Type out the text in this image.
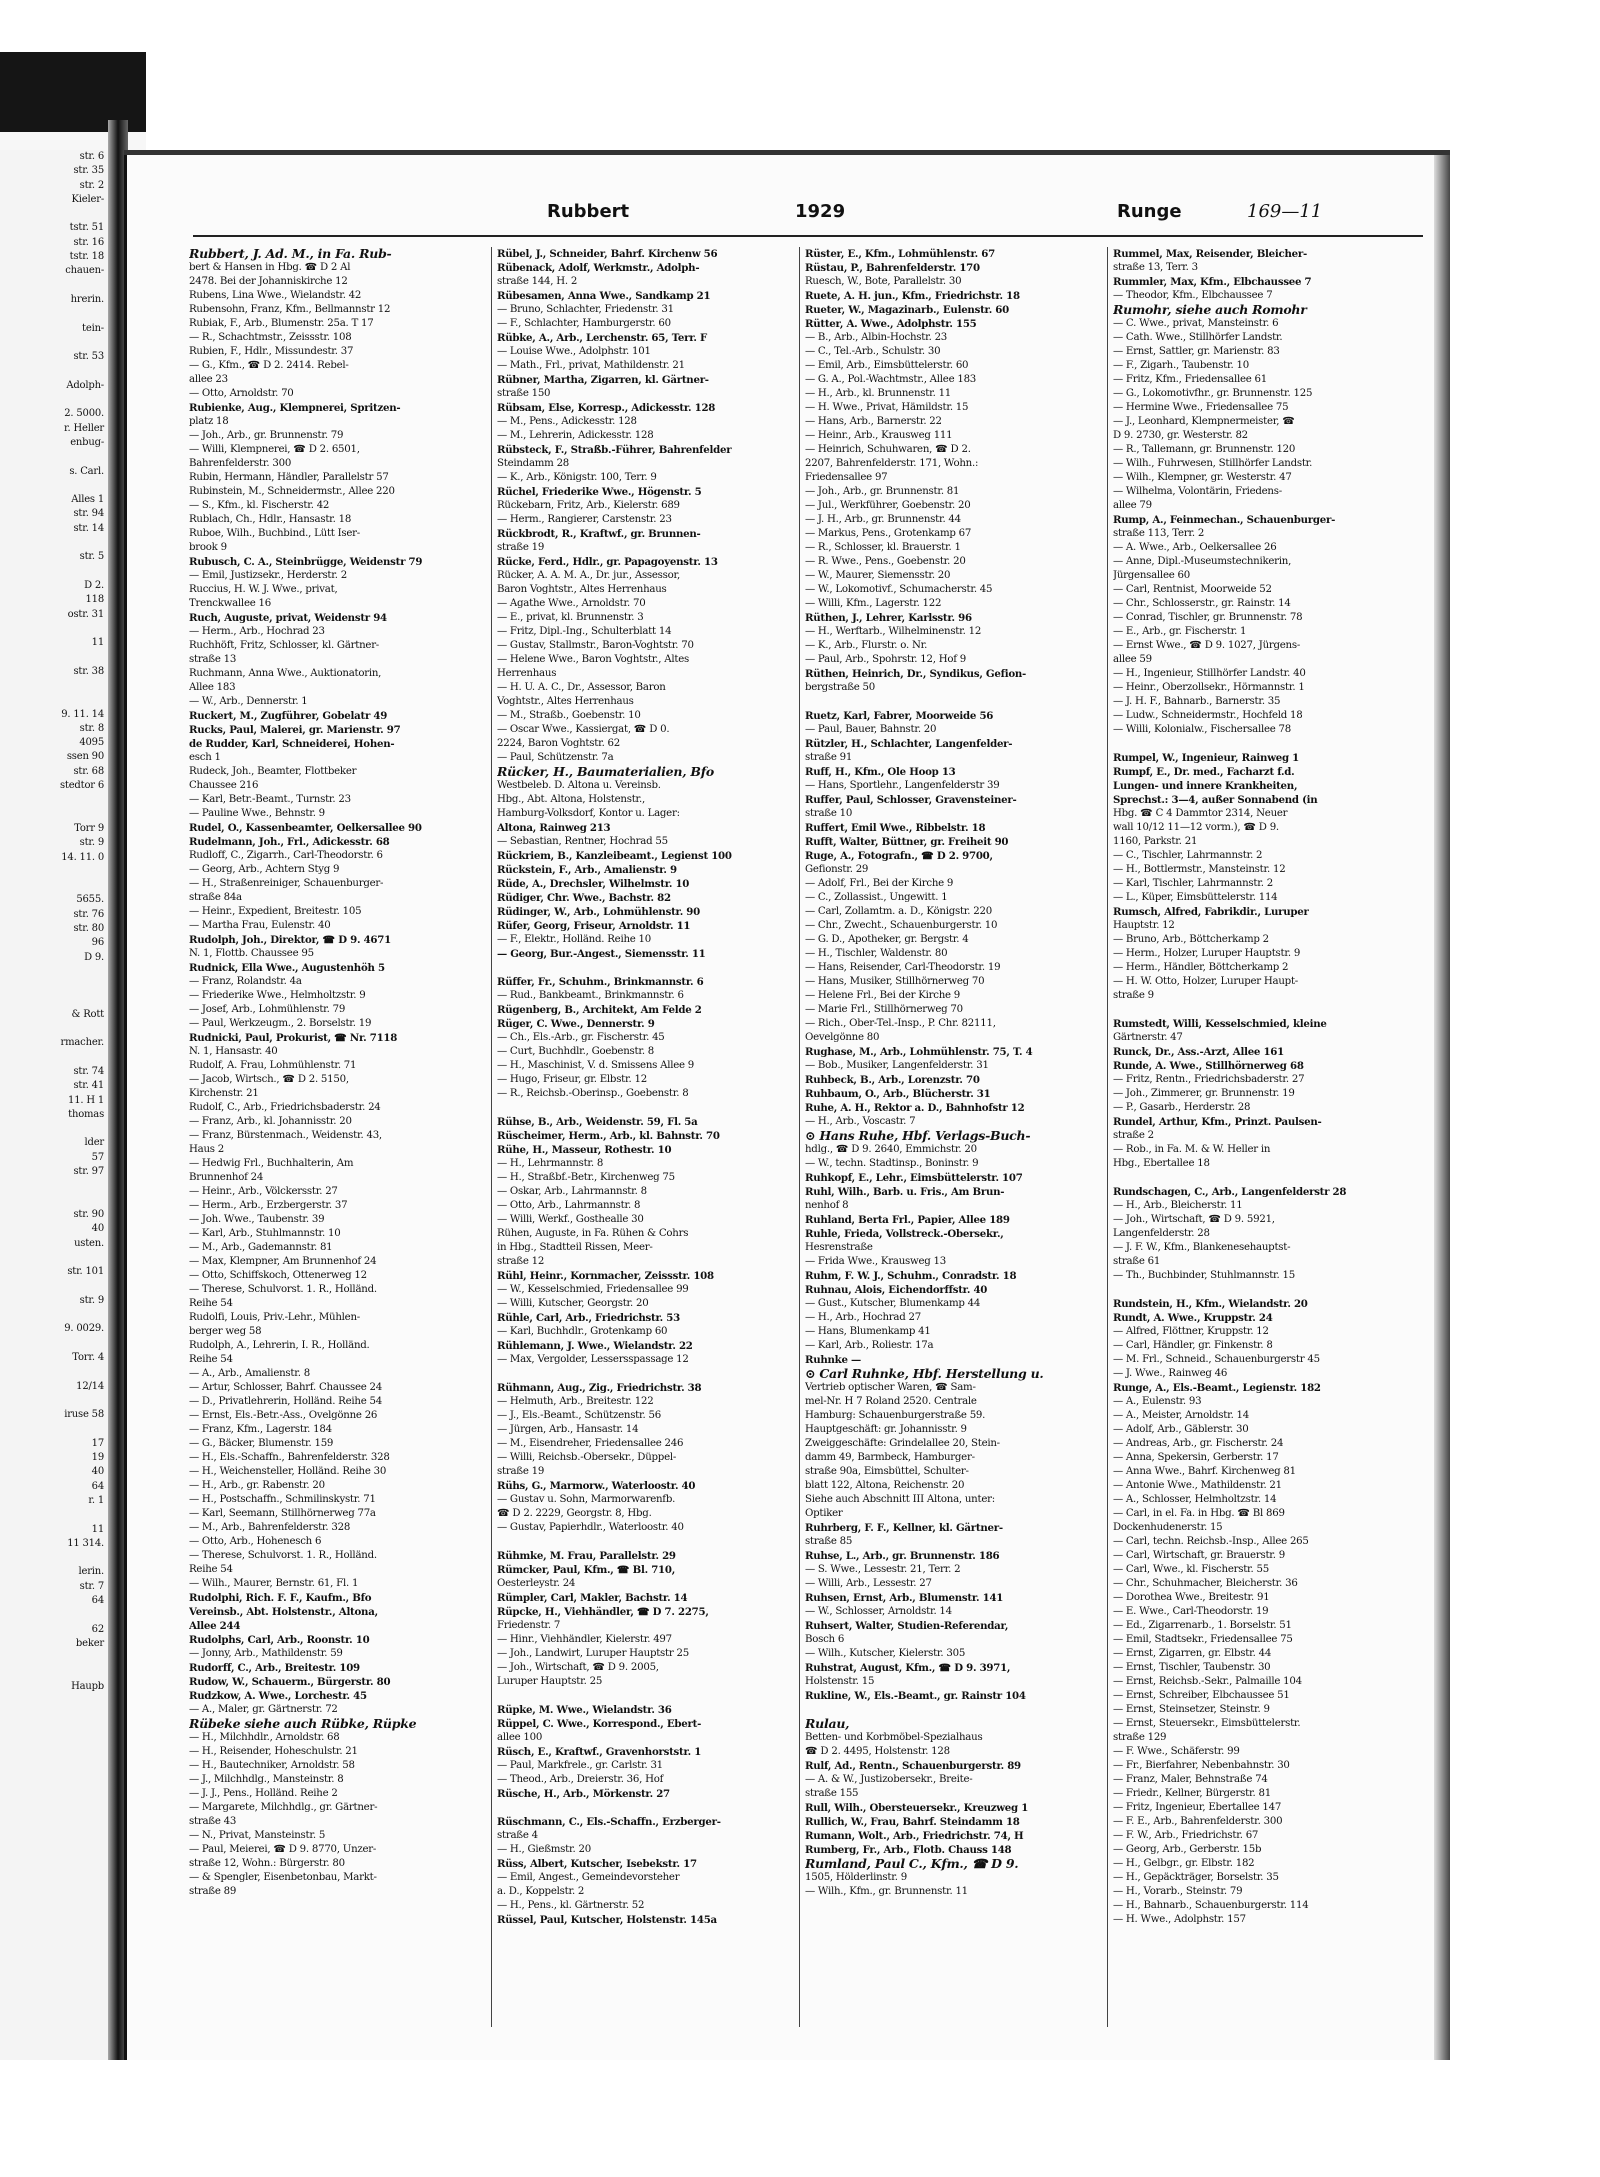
str. 6
str. 35
str. 2
Kieler-

tstr. 51
str. 16
tstr. 18
chauen-

hrerin.

tein-

str. 53

Adolph-

2. 5000.
r. Heller
enbug-

s. Carl.

Alles 1
str. 94
str. 14

str. 5

D 2.
118
ostr. 31

11

str. 38

9. 11. 14
str. 8
4095
ssen 90
str. 68
stedtor 6

Torr 9
str. 9
14. 11. 0

5655.
str. 76
str. 80
96
D 9.

& Rott

rmacher.

str. 74
str. 41
11. H 1
thomas

lder
57
str. 97

str. 90
40
usten.

str. 101

str. 9

9. 0029.

Torr. 4

12/14

iruse 58

17
19
40
64
r. 1

11
11 314.

lerin.
str. 7
64

62
beker

Haupb

Rubbert	1929	Runge	169—11
Rubbert, J. Ad. M., in Fa. Rub-
bert & Hansen in Hbg. ☎ D 2 Al
2478. Bei der Johanniskirche 12
Rubens, Lina Wwe., Wielandstr. 42
Rubensohn, Franz, Kfm., Bellmannstr 12
Rubiak, F., Arb., Blumenstr. 25a. T 17
— R., Schachtmstr., Zeissstr. 108
Rubien, F., Hdlr., Missundestr. 37
— G., Kfm., ☎ D 2. 2414. Rebel-
allee 23
— Otto, Arnoldstr. 70
Rubienke, Aug., Klempnerei, Spritzen-
platz 18
— Joh., Arb., gr. Brunnenstr. 79
— Willi, Klempnerei, ☎ D 2. 6501,
Bahrenfelderstr. 300
Rubin, Hermann, Händler, Parallelstr 57
Rubinstein, M., Schneidermstr., Allee 220
— S., Kfm., kl. Fischerstr. 42
Rublach, Ch., Hdlr., Hansastr. 18
Ruboe, Wilh., Buchbind., Lütt Iser-
brook 9
Rubusch, C. A., Steinbrügge, Weidenstr 79
— Emil, Justizsekr., Herderstr. 2
Ruccius, H. W. J. Wwe., privat,
Trenckwallee 16
Ruch, Auguste, privat, Weidenstr 94
— Herm., Arb., Hochrad 23
Ruchhöft, Fritz, Schlosser, kl. Gärtner-
straße 13
Ruchmann, Anna Wwe., Auktionatorin,
Allee 183
— W., Arb., Dennerstr. 1
Ruckert, M., Zugführer, Gobelatr 49
Rucks, Paul, Malerei, gr. Marienstr. 97
de Rudder, Karl, Schneiderei, Hohen-
esch 1
Rudeck, Joh., Beamter, Flottbeker
Chaussee 216
— Karl, Betr.-Beamt., Turnstr. 23
— Pauline Wwe., Behnstr. 9
Rudel, O., Kassenbeamter, Oelkersallee 90
Rudelmann, Joh., Frl., Adickesstr. 68
Rudloff, C., Zigarrh., Carl-Theodorstr. 6
— Georg, Arb., Achtern Styg 9
— H., Straßenreiniger, Schauenburger-
straße 84a
— Heinr., Expedient, Breitestr. 105
— Martha Frau, Eulenstr. 40
Rudolph, Joh., Direktor, ☎ D 9. 4671
N. 1, Flottb. Chaussee 95
Rudnick, Ella Wwe., Augustenhöh 5
— Franz, Rolandstr. 4a
— Friederike Wwe., Helmholtzstr. 9
— Josef, Arb., Lohmühlenstr. 79
— Paul, Werkzeugm., 2. Borselstr. 19
Rudnicki, Paul, Prokurist, ☎ Nr. 7118
N. 1, Hansastr. 40
Rudolf, A. Frau, Lohmühlenstr. 71
— Jacob, Wirtsch., ☎ D 2. 5150,
Kirchenstr. 21
Rudolf, C., Arb., Friedrichsbaderstr. 24
— Franz, Arb., kl. Johannisstr. 20
— Franz, Bürstenmach., Weidenstr. 43,
Haus 2
— Hedwig Frl., Buchhalterin, Am
Brunnenhof 24
— Heinr., Arb., Völckersstr. 27
— Herm., Arb., Erzbergerstr. 37
— Joh. Wwe., Taubenstr. 39
— Karl, Arb., Stuhlmannstr. 10
— M., Arb., Gademannstr. 81
— Max, Klempner, Am Brunnenhof 24
— Otto, Schiffskoch, Ottenerweg 12
— Therese, Schulvorst. 1. R., Holländ.
Reihe 54
Rudolfi, Louis, Priv.-Lehr., Mühlen-
berger weg 58
Rudolph, A., Lehrerin, I. R., Holländ.
Reihe 54
— A., Arb., Amalienstr. 8
— Artur, Schlosser, Bahrf. Chaussee 24
— D., Privatlehrerin, Holländ. Reihe 54
— Ernst, Els.-Betr.-Ass., Ovelgönne 26
— Franz, Kfm., Lagerstr. 184
— G., Bäcker, Blumenstr. 159
— H., Els.-Schaffn., Bahrenfelderstr. 328
— H., Weichensteller, Holländ. Reihe 30
— H., Arb., gr. Rabenstr. 20
— H., Postschaffn., Schmilinskystr. 71
— Karl, Seemann, Stillhörnerweg 77a
— M., Arb., Bahrenfelderstr. 328
— Otto, Arb., Hohenesch 6
— Therese, Schulvorst. 1. R., Holländ.
Reihe 54
— Wilh., Maurer, Bernstr. 61, Fl. 1
Rudolphi, Rich. F. F., Kaufm., Bfo
Vereinsb., Abt. Holstenstr., Altona,
Allee 244
Rudolphs, Carl, Arb., Roonstr. 10
— Jonny, Arb., Mathildenstr. 59
Rudorff, C., Arb., Breitestr. 109
Rudow, W., Schauerm., Bürgerstr. 80
Rudzkow, A. Wwe., Lorchestr. 45
— A., Maler, gr. Gärtnerstr. 72
Rübeke siehe auch Rübke, Rüpke
— H., Milchhdlr., Arnoldstr. 68
— H., Reisender, Hoheschulstr. 21
— H., Bautechniker, Arnoldstr. 58
— J., Milchhdlg., Mansteinstr. 8
— J. J., Pens., Holländ. Reihe 2
— Margarete, Milchhdlg., gr. Gärtner-
straße 43
— N., Privat, Mansteinstr. 5
— Paul, Meierei, ☎ D 9. 8770, Unzer-
straße 12, Wohn.: Bürgerstr. 80
— & Spengler, Eisenbetonbau, Markt-
straße 89
Rübel, J., Schneider, Bahrf. Kirchenw 56
Rübenack, Adolf, Werkmstr., Adolph-
straße 144, H. 2
Rübesamen, Anna Wwe., Sandkamp 21
— Bruno, Schlachter, Friedenstr. 31
— F., Schlachter, Hamburgerstr. 60
Rübke, A., Arb., Lerchenstr. 65, Terr. F
— Louise Wwe., Adolphstr. 101
— Math., Frl., privat, Mathildenstr. 21
Rübner, Martha, Zigarren, kl. Gärtner-
straße 150
Rübsam, Else, Korresp., Adickesstr. 128
— M., Pens., Adickesstr. 128
— M., Lehrerin, Adickesstr. 128
Rübsteck, F., Straßb.-Führer, Bahrenfelder
Steindamm 28
— K., Arb., Königstr. 100, Terr. 9
Rüchel, Friederike Wwe., Högenstr. 5
Rückebarn, Fritz, Arb., Kielerstr. 689
— Herm., Rangierer, Carstenstr. 23
Rückbrodt, R., Kraftwf., gr. Brunnen-
straße 19
Rücke, Ferd., Hdlr., gr. Papagoyenstr. 13
Rücker, A. A. M. A., Dr. jur., Assessor,
Baron Voghtstr., Altes Herrenhaus
— Agathe Wwe., Arnoldstr. 70
— E., privat, kl. Brunnenstr. 3
— Fritz, Dipl.-Ing., Schulterblatt 14
— Gustav, Stallmstr., Baron-Voghtstr. 70
— Helene Wwe., Baron Voghtstr., Altes
Herrenhaus
— H. U. A. C., Dr., Assessor, Baron
Voghtstr., Altes Herrenhaus
— M., Straßb., Goebenstr. 10
— Oscar Wwe., Kassiergat, ☎ D 0.
2224, Baron Voghtstr. 62
— Paul, Schützenstr. 7a
Rücker, H., Baumaterialien, Bfo
Westbeleb. D. Altona u. Vereinsb.
Hbg., Abt. Altona, Holstenstr.,
Hamburg-Volksdorf, Kontor u. Lager:
Altona, Rainweg 213
— Sebastian, Rentner, Hochrad 55
Rückriem, B., Kanzleibeamt., Legienst 100
Rückstein, F., Arb., Amalienstr. 9
Rüde, A., Drechsler, Wilhelmstr. 10
Rüdiger, Chr. Wwe., Bachstr. 82
Rüdinger, W., Arb., Lohmühlenstr. 90
Rüfer, Georg, Friseur, Arnoldstr. 11
— F., Elektr., Holländ. Reihe 10
— Georg, Bur.-Angest., Siemensstr. 11

Rüffer, Fr., Schuhm., Brinkmannstr. 6
— Rud., Bankbeamt., Brinkmannstr. 6
Rügenberg, B., Architekt, Am Felde 2
Rüger, C. Wwe., Dennerstr. 9
— Ch., Els.-Arb., gr. Fischerstr. 45
— Curt, Buchhdlr., Goebenstr. 8
— H., Maschinist, V. d. Smissens Allee 9
— Hugo, Friseur, gr. Elbstr. 12
— R., Reichsb.-Oberinsp., Goebenstr. 8

Rühse, B., Arb., Weidenstr. 59, Fl. 5a
Rüscheimer, Herm., Arb., kl. Bahnstr. 70
Rühe, H., Masseur, Rothestr. 10
— H., Lehrmannstr. 8
— H., Straßbf.-Betr., Kirchenweg 75
— Oskar, Arb., Lahrmannstr. 8
— Otto, Arb., Lahrmannstr. 8
— Willi, Werkf., Gosthealle 30
Rühen, Auguste, in Fa. Rühen & Cohrs
in Hbg., Stadtteil Rissen, Meer-
straße 12
Rühl, Heinr., Kornmacher, Zeissstr. 108
— W., Kesselschmied, Friedensallee 99
— Willi, Kutscher, Georgstr. 20
Rühle, Carl, Arb., Friedrichstr. 53
— Karl, Buchhdlr., Grotenkamp 60
Rühlemann, J. Wwe., Wielandstr. 22
— Max, Vergolder, Lessersspassage 12

Rühmann, Aug., Zig., Friedrichstr. 38
— Helmuth, Arb., Breitestr. 122
— J., Els.-Beamt., Schützenstr. 56
— Jürgen, Arb., Hansastr. 14
— M., Eisendreher, Friedensallee 246
— Willi, Reichsb.-Obersekr., Düppel-
straße 19
Rühs, G., Marmorw., Waterloostr. 40
— Gustav u. Sohn, Marmorwarenfb.
☎ D 2. 2229, Georgstr. 8, Hbg.
— Gustav, Papierhdlr., Waterloostr. 40

Rühmke, M. Frau, Parallelstr. 29
Rümcker, Paul, Kfm., ☎ Bl. 710,
Oesterleystr. 24
Rümpler, Carl, Makler, Bachstr. 14
Rüpcke, H., Viehhändler, ☎ D 7. 2275,
Friedenstr. 7
— Hinr., Viehhändler, Kielerstr. 497
— Joh., Landwirt, Luruper Hauptstr 25
— Joh., Wirtschaft, ☎ D 9. 2005,
Luruper Hauptstr. 25

Rüpke, M. Wwe., Wielandstr. 36
Rüppel, C. Wwe., Korrespond., Ebert-
allee 100
Rüsch, E., Kraftwf., Gravenhorststr. 1
— Paul, Markfrele., gr. Carlstr. 31
— Theod., Arb., Dreierstr. 36, Hof
Rüsche, H., Arb., Mörkenstr. 27

Rüschmann, C., Els.-Schaffn., Erzberger-
straße 4
— H., Gießmstr. 20
Rüss, Albert, Kutscher, Isebekstr. 17
— Emil, Angest., Gemeindevorsteher
a. D., Koppelstr. 2
— H., Pens., kl. Gärtnerstr. 52
Rüssel, Paul, Kutscher, Holstenstr. 145a
Rüster, E., Kfm., Lohmühlenstr. 67
Rüstau, P., Bahrenfelderstr. 170
Ruesch, W., Bote, Parallelstr. 30
Ruete, A. H. jun., Kfm., Friedrichstr. 18
Rueter, W., Magazinarb., Eulenstr. 60
Rütter, A. Wwe., Adolphstr. 155
— B., Arb., Albin-Hochstr. 23
— C., Tel.-Arb., Schulstr. 30
— Emil, Arb., Eimsbüttelerstr. 60
— G. A., Pol.-Wachtmstr., Allee 183
— H., Arb., kl. Brunnenstr. 11
— H. Wwe., Privat, Hämildstr. 15
— Hans, Arb., Barnerstr. 22
— Heinr., Arb., Krausweg 111
— Heinrich, Schuhwaren, ☎ D 2.
2207, Bahrenfelderstr. 171, Wohn.:
Friedensallee 97
— Joh., Arb., gr. Brunnenstr. 81
— Jul., Werkführer, Goebenstr. 20
— J. H., Arb., gr. Brunnenstr. 44
— Markus, Pens., Grotenkamp 67
— R., Schlosser, kl. Brauerstr. 1
— R. Wwe., Pens., Goebenstr. 20
— W., Maurer, Siemensstr. 20
— W., Lokomotivf., Schumacherstr. 45
— Willi, Kfm., Lagerstr. 122
Rüthen, J., Lehrer, Karlsstr. 96
— H., Werftarb., Wilhelminenstr. 12
— K., Arb., Flurstr. o. Nr.
— Paul, Arb., Spohrstr. 12, Hof 9
Rüthen, Heinrich, Dr., Syndikus, Gefion-
bergstraße 50

Ruetz, Karl, Fabrer, Moorweide 56
— Paul, Bauer, Bahnstr. 20
Rützler, H., Schlachter, Langenfelder-
straße 91
Ruff, H., Kfm., Ole Hoop 13
— Hans, Sportlehr., Langenfelderstr 39
Ruffer, Paul, Schlosser, Gravensteiner-
straße 10
Ruffert, Emil Wwe., Ribbelstr. 18
Rufft, Walter, Büttner, gr. Freiheit 90
Ruge, A., Fotografn., ☎ D 2. 9700,
Gefionstr. 29
— Adolf, Frl., Bei der Kirche 9
— C., Zollassist., Ungewitt. 1
— Carl, Zollamtm. a. D., Königstr. 220
— Chr., Zwecht., Schauenburgerstr. 10
— G. D., Apotheker, gr. Bergstr. 4
— H., Tischler, Waldenstr. 80
— Hans, Reisender, Carl-Theodorstr. 19
— Hans, Musiker, Stillhörnerweg 70
— Helene Frl., Bei der Kirche 9
— Marie Frl., Stillhörnerweg 70
— Rich., Ober-Tel.-Insp., P. Chr. 82111,
Oevelgönne 80
Rughase, M., Arb., Lohmühlenstr. 75, T. 4
— Bob., Musiker, Langenfelderstr. 31
Ruhbeck, B., Arb., Lorenzstr. 70
Ruhbaum, O., Arb., Blücherstr. 31
Ruhe, A. H., Rektor a. D., Bahnhofstr 12
— H., Arb., Voscastr. 7
⊙ Hans Ruhe, Hbf. Verlags-Buch-
hdlg., ☎ D 9. 2640, Emmichstr. 20
— W., techn. Stadtinsp., Boninstr. 9
Ruhkopf, E., Lehr., Eimsbüttelerstr. 107
Ruhl, Wilh., Barb. u. Fris., Am Brun-
nenhof 8
Ruhland, Berta Frl., Papier, Allee 189
Ruhle, Frieda, Vollstreck.-Obersekr.,
Hesrenstraße
— Frida Wwe., Krausweg 13
Ruhm, F. W. J., Schuhm., Conradstr. 18
Ruhnau, Alois, Eichendorffstr. 40
— Gust., Kutscher, Blumenkamp 44
— H., Arb., Hochrad 27
— Hans, Blumenkamp 41
— Karl, Arb., Roliestr. 17a
Ruhnke —
⊙ Carl Ruhnke, Hbf. Herstellung u.
Vertrieb optischer Waren, ☎ Sam-
mel-Nr. H 7 Roland 2520. Centrale
Hamburg: Schauenburgerstraße 59.
Hauptgeschäft: gr. Johannisstr. 9
Zweiggeschäfte: Grindelallee 20, Stein-
damm 49, Barmbeck, Hamburger-
straße 90a, Eimsbüttel, Schulter-
blatt 122, Altona, Reichenstr. 20
Siehe auch Abschnitt III Altona, unter:
Optiker
Ruhrberg, F. F., Kellner, kl. Gärtner-
straße 85
Ruhse, L., Arb., gr. Brunnenstr. 186
— S. Wwe., Lessestr. 21, Terr. 2
— Willi, Arb., Lessestr. 27
Ruhsen, Ernst, Arb., Blumenstr. 141
— W., Schlosser, Arnoldstr. 14
Ruhsert, Walter, Studien-Referendar,
Bosch 6
— Wilh., Kutscher, Kielerstr. 305
Ruhstrat, August, Kfm., ☎ D 9. 3971,
Holstenstr. 15
Rukline, W., Els.-Beamt., gr. Rainstr 104

Rulau,
Betten- und Korbmöbel-Spezialhaus
☎ D 2. 4495, Holstenstr. 128
Rulf, Ad., Rentn., Schauenburgerstr. 89
— A. & W., Justizobersekr., Breite-
straße 155
Rull, Wilh., Obersteuersekr., Kreuzweg 1
Rullich, W., Frau, Bahrf. Steindamm 18
Rumann, Wolt., Arb., Friedrichstr. 74, H
Rumberg, Fr., Arb., Flotb. Chauss 148
Rumland, Paul C., Kfm., ☎ D 9.
1505, Hölderlinstr. 9
— Wilh., Kfm., gr. Brunnenstr. 11
Rummel, Max, Reisender, Bleicher-
straße 13, Terr. 3
Rummler, Max, Kfm., Elbchaussee 7
— Theodor, Kfm., Elbchaussee 7
Rumohr, siehe auch Romohr
— C. Wwe., privat, Mansteinstr. 6
— Cath. Wwe., Stillhörfer Landstr.
— Ernst, Sattler, gr. Marienstr. 83
— F., Zigarh., Taubenstr. 10
— Fritz, Kfm., Friedensallee 61
— G., Lokomotivfhr., gr. Brunnenstr. 125
— Hermine Wwe., Friedensallee 75
— J., Leonhard, Klempnermeister, ☎
D 9. 2730, gr. Westerstr. 82
— R., Tallemann, gr. Brunnenstr. 120
— Wilh., Fuhrwesen, Stillhörfer Landstr.
— Wilh., Klempner, gr. Westerstr. 47
— Wilhelma, Volontärin, Friedens-
allee 79
Rump, A., Feinmechan., Schauenburger-
straße 113, Terr. 2
— A. Wwe., Arb., Oelkersallee 26
— Anne, Dipl.-Museumstechnikerin,
Jürgensallee 60
— Carl, Rentnist, Moorweide 52
— Chr., Schlosserstr., gr. Rainstr. 14
— Conrad, Tischler, gr. Brunnenstr. 78
— E., Arb., gr. Fischerstr. 1
— Ernst Wwe., ☎ D 9. 1027, Jürgens-
allee 59
— H., Ingenieur, Stillhörfer Landstr. 40
— Heinr., Oberzollsekr., Hörmannstr. 1
— J. H. F., Bahnarb., Barnerstr. 35
— Ludw., Schneidermstr., Hochfeld 18
— Willi, Kolonialw., Fischersallee 78

Rumpel, W., Ingenieur, Rainweg 1
Rumpf, E., Dr. med., Facharzt f.d.
Lungen- und innere Krankheiten,
Sprechst.: 3—4, außer Sonnabend (in
Hbg. ☎ C 4 Dammtor 2314, Neuer
wall 10/12 11—12 vorm.), ☎ D 9.
1160, Parkstr. 21
— C., Tischler, Lahrmannstr. 2
— H., Bottlermstr., Mansteinstr. 12
— Karl, Tischler, Lahrmannstr. 2
— L., Küper, Eimsbüttelerstr. 114
Rumsch, Alfred, Fabrikdir., Luruper
Hauptstr. 12
— Bruno, Arb., Böttcherkamp 2
— Herm., Holzer, Luruper Hauptstr. 9
— Herm., Händler, Böttcherkamp 2
— H. W. Otto, Holzer, Luruper Haupt-
straße 9

Rumstedt, Willi, Kesselschmied, kleine
Gärtnerstr. 47
Runck, Dr., Ass.-Arzt, Allee 161
Runde, A. Wwe., Stillhörnerweg 68
— Fritz, Rentn., Friedrichsbaderstr. 27
— Joh., Zimmerer, gr. Brunnenstr. 19
— P., Gasarb., Herderstr. 28
Rundel, Arthur, Kfm., Prinzt. Paulsen-
straße 2
— Rob., in Fa. M. & W. Heller in
Hbg., Ebertallee 18

Rundschagen, C., Arb., Langenfelderstr 28
— H., Arb., Bleicherstr. 11
— Joh., Wirtschaft, ☎ D 9. 5921,
Langenfelderstr. 28
— J. F. W., Kfm., Blankenesehauptst-
straße 61
— Th., Buchbinder, Stuhlmannstr. 15

Rundstein, H., Kfm., Wielandstr. 20
Rundt, A. Wwe., Kruppstr. 24
— Alfred, Flöttner, Kruppstr. 12
— Carl, Händler, gr. Finkenstr. 8
— M. Frl., Schneid., Schauenburgerstr 45
— J. Wwe., Rainweg 46
Runge, A., Els.-Beamt., Legienstr. 182
— A., Eulenstr. 93
— A., Meister, Arnoldstr. 14
— Adolf, Arb., Gäblerstr. 30
— Andreas, Arb., gr. Fischerstr. 24
— Anna, Spekersin, Gerberstr. 17
— Anna Wwe., Bahrf. Kirchenweg 81
— Antonie Wwe., Mathildenstr. 21
— A., Schlosser, Helmholtzstr. 14
— Carl, in el. Fa. in Hbg. ☎ Bl 869
Dockenhudenerstr. 15
— Carl, techn. Reichsb.-Insp., Allee 265
— Carl, Wirtschaft, gr. Brauerstr. 9
— Carl, Wwe., kl. Fischerstr. 55
— Chr., Schuhmacher, Bleicherstr. 36
— Dorothea Wwe., Breitestr. 91
— E. Wwe., Carl-Theodorstr. 19
— Ed., Zigarrenarb., 1. Borselstr. 51
— Emil, Stadtsekr., Friedensallee 75
— Ernst, Zigarren, gr. Elbstr. 44
— Ernst, Tischler, Taubenstr. 30
— Ernst, Reichsb.-Sekr., Palmaille 104
— Ernst, Schreiber, Elbchaussee 51
— Ernst, Steinsetzer, Steinstr. 9
— Ernst, Steuersekr., Eimsbüttelerstr.
straße 129
— F. Wwe., Schäferstr. 99
— Fr., Bierfahrer, Nebenbahnstr. 30
— Franz, Maler, Behnstraße 74
— Friedr., Kellner, Bürgerstr. 81
— Fritz, Ingenieur, Ebertallee 147
— F. E., Arb., Bahrenfelderstr. 300
— F. W., Arb., Friedrichstr. 67
— Georg, Arb., Gerberstr. 15b
— H., Gelbgr., gr. Elbstr. 182
— H., Gepäckträger, Borselstr. 35
— H., Vorarb., Steinstr. 79
— H., Bahnarb., Schauenburgerstr. 114
— H. Wwe., Adolphstr. 157
